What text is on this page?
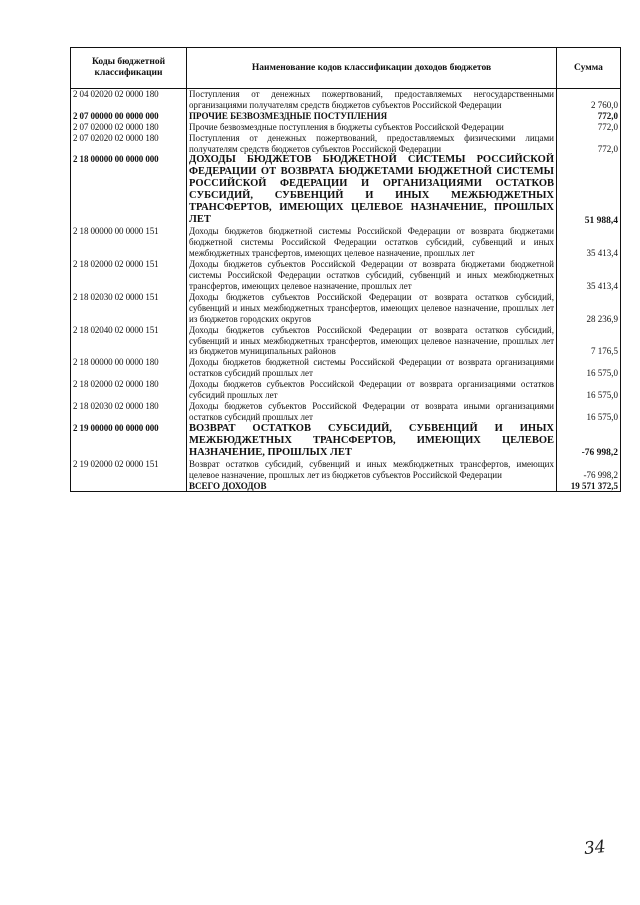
Коды бюджетной классификации	Наименование кодов классификации доходов бюджетов	Сумма
2 04 02020 02 0000 180	Поступления от денежных пожертвований, предоставляемых негосударственными организациями получателям средств бюджетов субъектов Российской Федерации	2 760,0
2 07 00000 00 0000 000	ПРОЧИЕ БЕЗВОЗМЕЗДНЫЕ ПОСТУПЛЕНИЯ	772,0
2 07 02000 02 0000 180	Прочие безвозмездные поступления в бюджеты субъектов Российской Федерации	772,0
2 07 02020 02 0000 180	Поступления от денежных пожертвований, предоставляемых физическими лицами получателям средств бюджетов субъектов Российской Федерации	772,0
2 18 00000 00 0000 000	ДОХОДЫ БЮДЖЕТОВ БЮДЖЕТНОЙ СИСТЕМЫ РОССИЙСКОЙ ФЕДЕРАЦИИ ОТ ВОЗВРАТА БЮДЖЕТАМИ БЮДЖЕТНОЙ СИСТЕМЫ РОССИЙСКОЙ ФЕДЕРАЦИИ И ОРГАНИЗАЦИЯМИ ОСТАТКОВ СУБСИДИЙ, СУБВЕНЦИЙ И ИНЫХ МЕЖБЮДЖЕТНЫХ ТРАНСФЕРТОВ, ИМЕЮЩИХ ЦЕЛЕВОЕ НАЗНАЧЕНИЕ, ПРОШЛЫХ ЛЕТ	51 988,4
2 18 00000 00 0000 151	Доходы бюджетов бюджетной системы Российской Федерации от возврата бюджетами бюджетной системы Российской Федерации остатков субсидий, субвенций и иных межбюджетных трансфертов, имеющих целевое назначение, прошлых лет	35 413,4
2 18 02000 02 0000 151	Доходы бюджетов субъектов Российской Федерации от возврата бюджетами бюджетной системы Российской Федерации остатков субсидий, субвенций и иных межбюджетных трансфертов, имеющих целевое назначение, прошлых лет	35 413,4
2 18 02030 02 0000 151	Доходы бюджетов субъектов Российской Федерации от возврата остатков субсидий, субвенций и иных межбюджетных трансфертов, имеющих целевое назначение, прошлых лет из бюджетов городских округов	28 236,9
2 18 02040 02 0000 151	Доходы бюджетов субъектов Российской Федерации от возврата остатков субсидий, субвенций и иных межбюджетных трансфертов, имеющих целевое назначение, прошлых лет из бюджетов муниципальных районов	7 176,5
2 18 00000 00 0000 180	Доходы бюджетов бюджетной системы Российской Федерации от возврата организациями остатков субсидий прошлых лет	16 575,0
2 18 02000 02 0000 180	Доходы бюджетов субъектов Российской Федерации от возврата организациями остатков субсидий прошлых лет	16 575,0
2 18 02030 02 0000 180	Доходы бюджетов субъектов Российской Федерации от возврата иными организациями остатков субсидий прошлых лет	16 575,0
2 19 00000 00 0000 000	ВОЗВРАТ ОСТАТКОВ СУБСИДИЙ, СУБВЕНЦИЙ И ИНЫХ МЕЖБЮДЖЕТНЫХ ТРАНСФЕРТОВ, ИМЕЮЩИХ ЦЕЛЕВОЕ НАЗНАЧЕНИЕ, ПРОШЛЫХ ЛЕТ	-76 998,2
2 19 02000 02 0000 151	Возврат остатков субсидий, субвенций и иных межбюджетных трансфертов, имеющих целевое назначение, прошлых лет из бюджетов субъектов Российской Федерации	-76 998,2
	ВСЕГО ДОХОДОВ	19 571 372,5
34
